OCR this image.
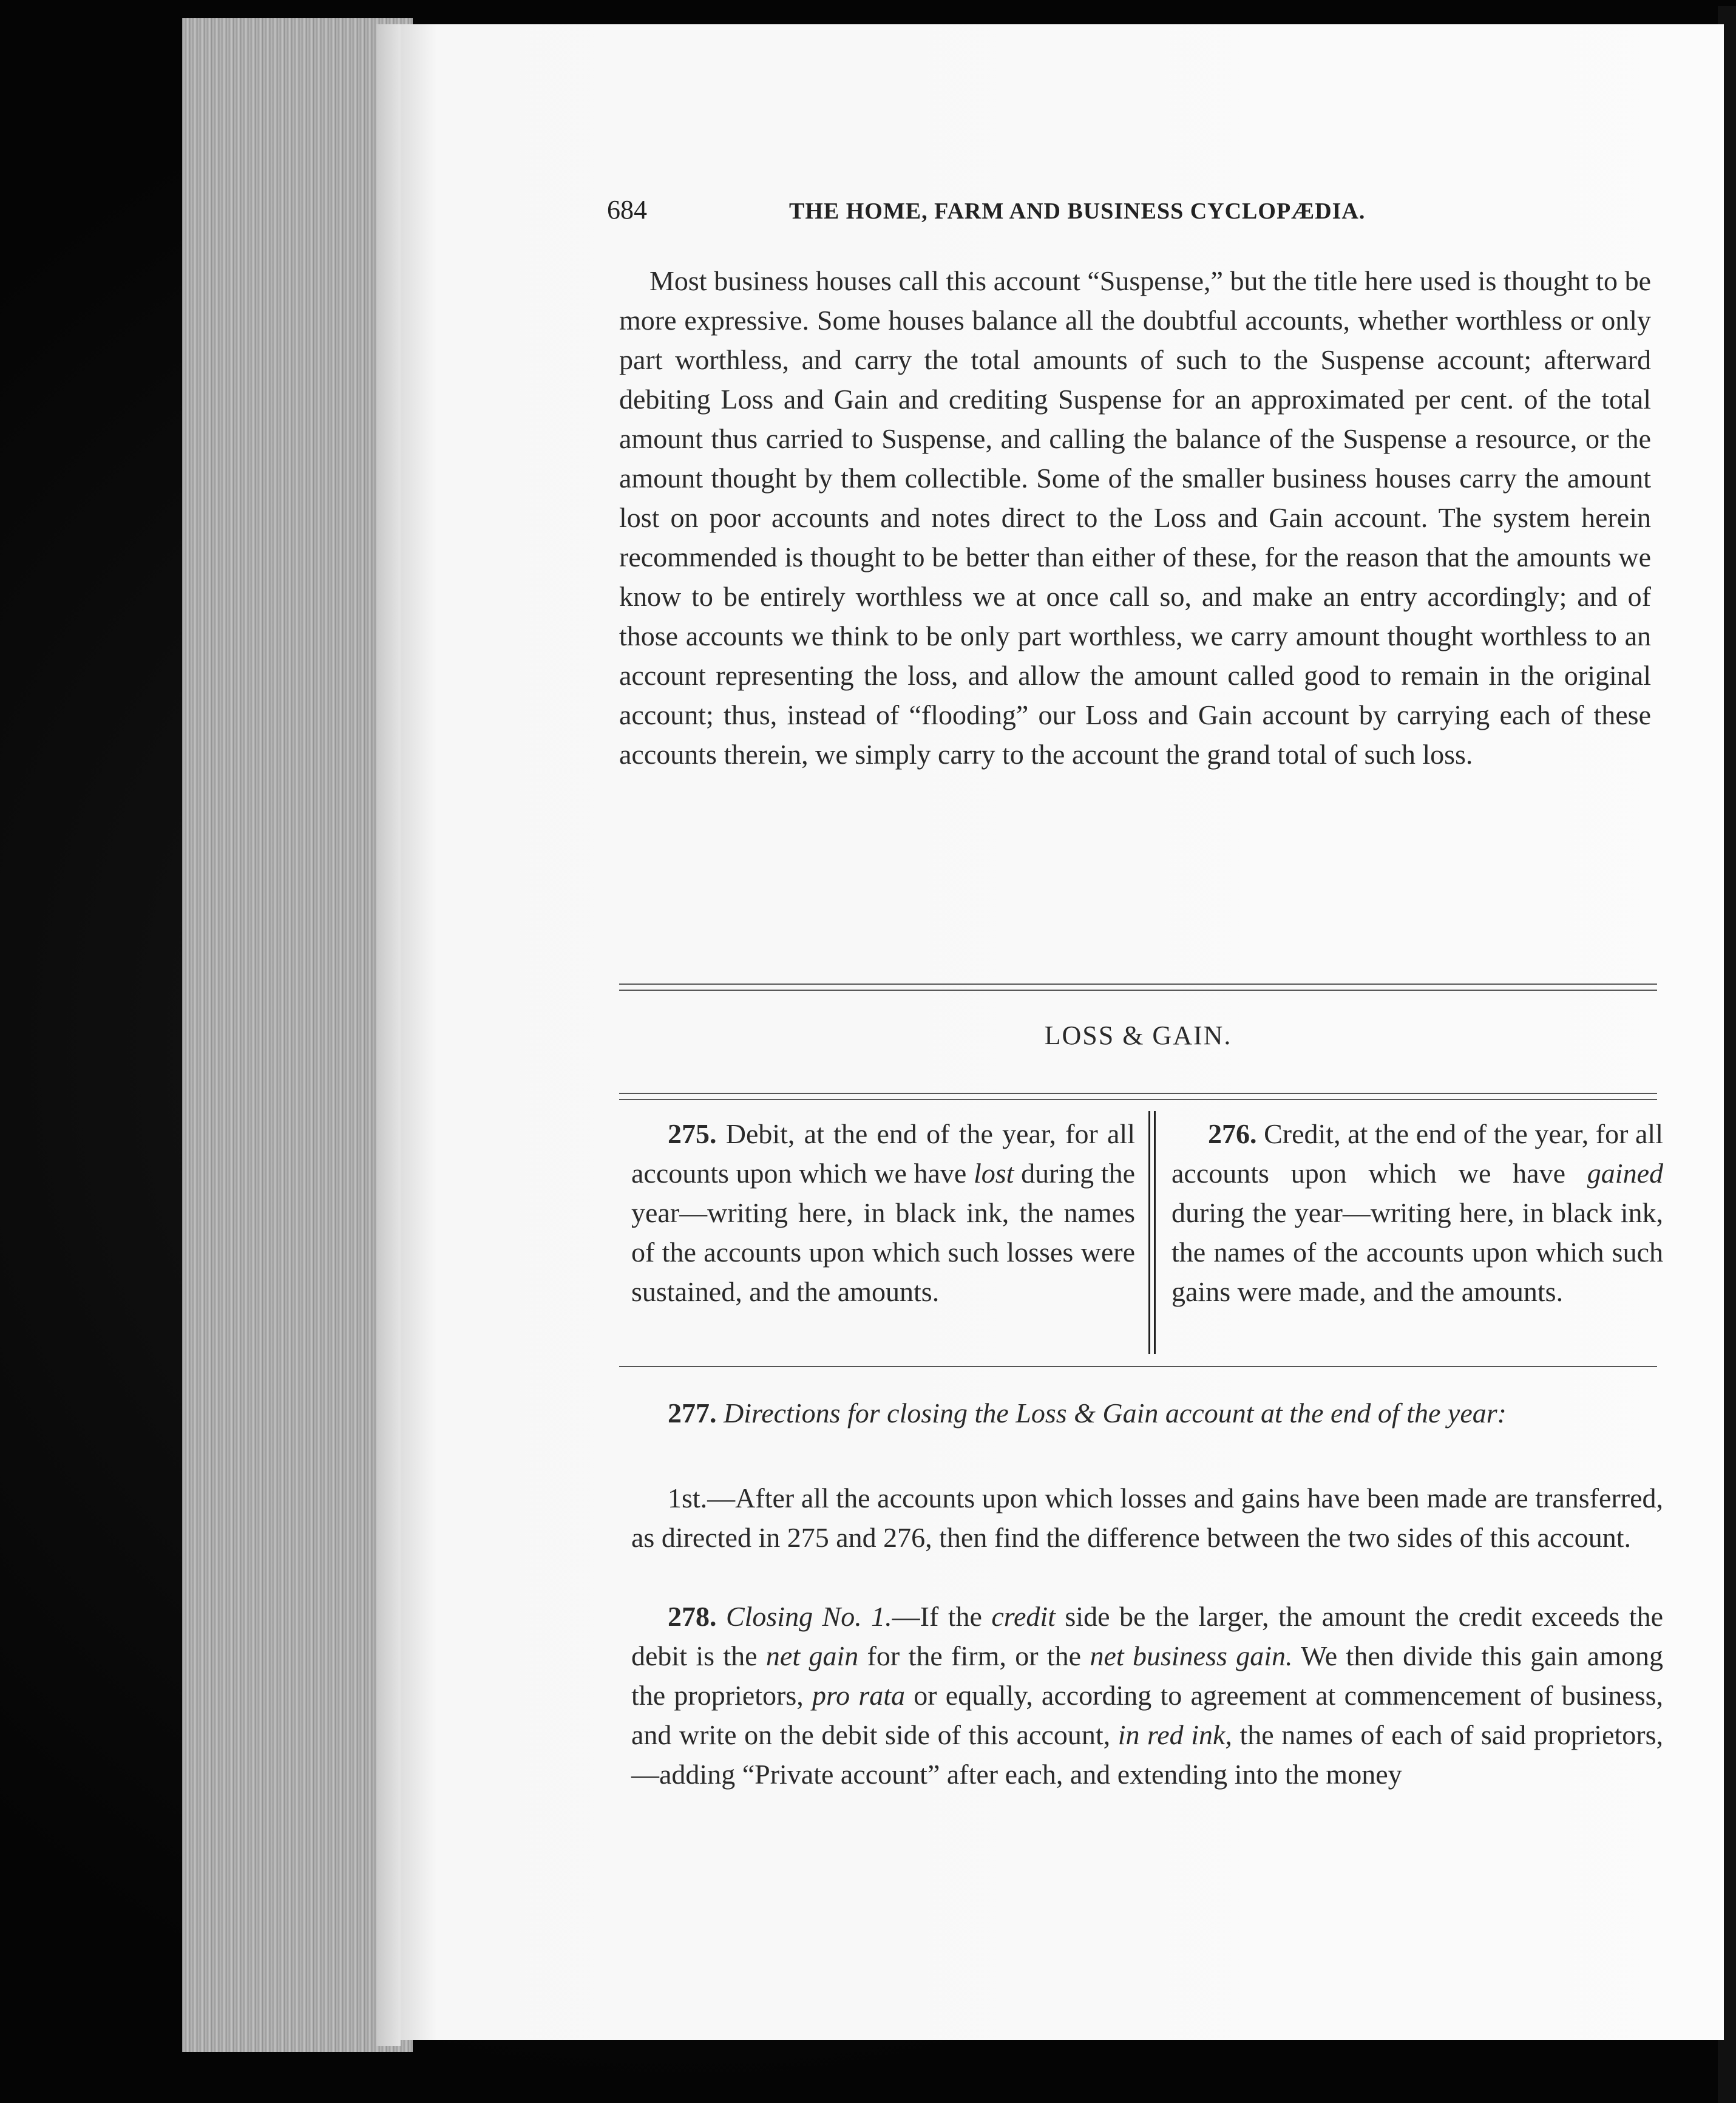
684	THE HOME, FARM AND BUSINESS CYCLOPÆDIA.

Most business houses call this account “Suspense,” but the title here used is thought to be more expressive. Some houses balance all the doubtful accounts, whether worthless or only part worthless, and carry the total amounts of such to the Suspense account; afterward debiting Loss and Gain and crediting Suspense for an approximated per cent. of the total amount thus carried to Suspense, and calling the balance of the Suspense a resource, or the amount thought by them collectible. Some of the smaller business houses carry the amount lost on poor accounts and notes direct to the Loss and Gain account. The system herein recommended is thought to be better than either of these, for the reason that the amounts we know to be entirely worthless we at once call so, and make an entry accordingly; and of those accounts we think to be only part worthless, we carry amount thought worthless to an account representing the loss, and allow the amount called good to remain in the original account; thus, instead of “flooding” our Loss and Gain account by carrying each of these accounts therein, we simply carry to the account the grand total of such loss.

LOSS & GAIN.

275. Debit, at the end of the year, for all accounts upon which we have lost during the year—writing here, in black ink, the names of the accounts upon which such losses were sustained, and the amounts.

276. Credit, at the end of the year, for all accounts upon which we have gained during the year—writing here, in black ink, the names of the accounts upon which such gains were made, and the amounts.

277. Directions for closing the Loss & Gain account at the end of the year:

1st.—After all the accounts upon which losses and gains have been made are transferred, as directed in 275 and 276, then find the difference between the two sides of this account.

278. Closing No. 1.—If the credit side be the larger, the amount the credit exceeds the debit is the net gain for the firm, or the net business gain. We then divide this gain among the proprietors, pro rata or equally, according to agreement at commencement of business, and write on the debit side of this account, in red ink, the names of each of said proprietors, —adding “Private account” after each, and extending into the money
